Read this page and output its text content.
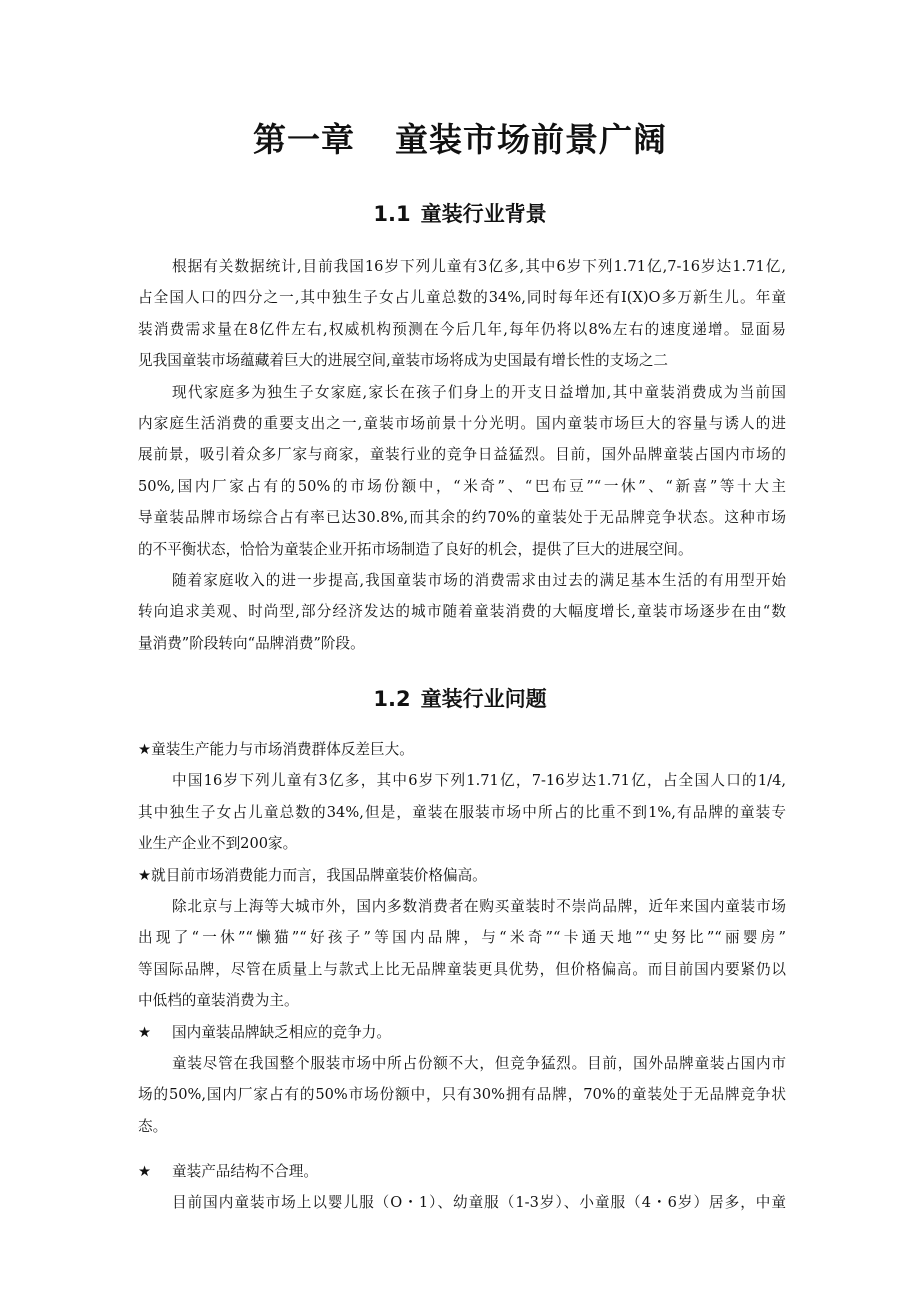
第一章 童装市场前景广阔
1.1 童装行业背景
根据有关数据统计,目前我国16岁下列儿童有3亿多,其中6岁下列1.71亿,7-16岁达1.71亿,
占全国人口的四分之一,其中独生子女占儿童总数的34%,同时每年还有I(X)O多万新生儿。年童
装消费需求量在8亿件左右,权威机构预测在今后几年,每年仍将以8%左右的速度递增。显面易
见我国童装市场蕴藏着巨大的进展空间,童装市场将成为史国最有增长性的支场之二
现代家庭多为独生子女家庭,家长在孩子们身上的开支日益增加,其中童装消费成为当前国
内家庭生活消费的重要支出之一,童装市场前景十分光明。国内童装市场巨大的容量与诱人的进
展前景，吸引着众多厂家与商家，童装行业的竞争日益猛烈。目前，国外品牌童装占国内市场的
50%,国内厂家占有的50%的市场份额中，“米奇”、“巴布豆”“一休”、“新喜”等十大主
导童装品牌市场综合占有率已达30.8%,而其余的约70%的童装处于无品牌竞争状态。这种市场
的不平衡状态，恰恰为童装企业开拓市场制造了良好的机会，提供了巨大的进展空间。
随着家庭收入的进一步提高,我国童装市场的消费需求由过去的满足基本生活的有用型开始
转向追求美观、时尚型,部分经济发达的城市随着童装消费的大幅度增长,童装市场逐步在由“数
量消费”阶段转向“品牌消费”阶段。
1.2 童装行业问题
★童装生产能力与市场消费群体反差巨大。
中国16岁下列儿童有3亿多，其中6岁下列1.71亿，7-16岁达1.71亿，占全国人口的1/4,
其中独生子女占儿童总数的34%,但是，童装在服装市场中所占的比重不到1%,有品牌的童装专
业生产企业不到200家。
★就目前市场消费能力而言，我国品牌童装价格偏高。
除北京与上海等大城市外，国内多数消费者在购买童装时不崇尚品牌，近年来国内童装市场
出现了“一休”“懒猫”“好孩子”等国内品牌，与“米奇”“卡通天地”“史努比”“丽婴房”
等国际品牌，尽管在质量上与款式上比无品牌童装更具优势，但价格偏高。而目前国内要紧仍以
中低档的童装消费为主。
★ 国内童装品牌缺乏相应的竞争力。
童装尽管在我国整个服装市场中所占份额不大，但竞争猛烈。目前，国外品牌童装占国内市
场的50%,国内厂家占有的50%市场份额中，只有30%拥有品牌，70%的童装处于无品牌竞争状
态。
★ 童装产品结构不合理。
目前国内童装市场上以婴儿服（O・1）、幼童服（1-3岁）、小童服（4・6岁）居多，中童
